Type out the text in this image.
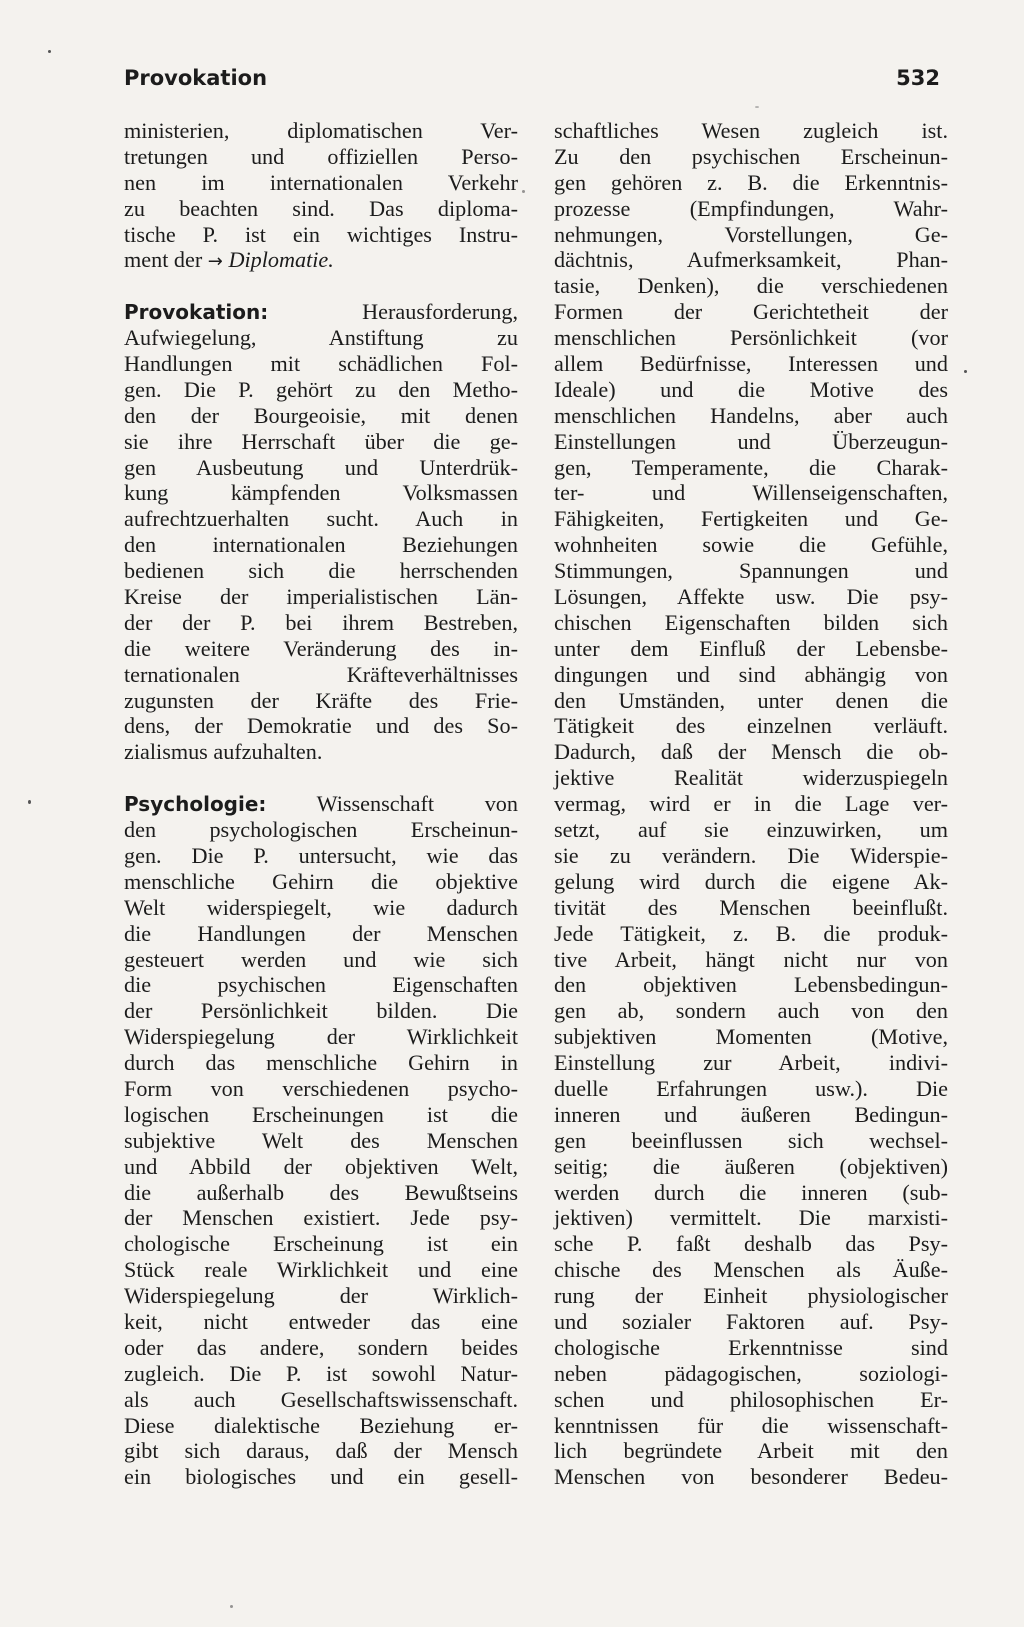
Provokation	532
ministerien, diplomatischen Ver-
tretungen und offiziellen Perso-
nen im internationalen Verkehr
zu beachten sind. Das diploma-
tische P. ist ein wichtiges Instru-
ment der → Diplomatie.
Provokation:	Herausforderung,
Aufwiegelung, Anstiftung zu
Handlungen mit schädlichen Fol-
gen. Die P. gehört zu den Metho-
den der Bourgeoisie, mit denen
sie ihre Herrschaft über die ge-
gen Ausbeutung und Unterdrük-
kung kämpfenden Volksmassen
aufrechtzuerhalten sucht. Auch in
den internationalen Beziehungen
bedienen sich die herrschenden
Kreise der imperialistischen Län-
der der P. bei ihrem Bestreben,
die weitere Veränderung des in-
ternationalen Kräfteverhältnisses
zugunsten der Kräfte des Frie-
dens, der Demokratie und des So-
zialismus aufzuhalten.
Psychologie: Wissenschaft von
den psychologischen Erscheinun-
gen. Die P. untersucht, wie das
menschliche Gehirn die objektive
Welt widerspiegelt, wie dadurch
die Handlungen der Menschen
gesteuert werden und wie sich
die psychischen Eigenschaften
der Persönlichkeit bilden. Die
Widerspiegelung der Wirklichkeit
durch das menschliche Gehirn in
Form von verschiedenen psycho-
logischen Erscheinungen ist die
subjektive Welt des Menschen
und Abbild der objektiven Welt,
die außerhalb des Bewußtseins
der Menschen existiert. Jede psy-
chologische Erscheinung ist ein
Stück reale Wirklichkeit und eine
Widerspiegelung der Wirklich-
keit, nicht entweder das eine
oder das andere, sondern beides
zugleich. Die P. ist sowohl Natur-
als auch Gesellschaftswissenschaft.
Diese dialektische Beziehung er-
gibt sich daraus, daß der Mensch
ein biologisches und ein gesell-
schaftliches Wesen zugleich ist.
Zu den psychischen Erscheinun-
gen gehören z. B. die Erkenntnis-
prozesse (Empfindungen, Wahr-
nehmungen, Vorstellungen, Ge-
dächtnis, Aufmerksamkeit, Phan-
tasie, Denken), die verschiedenen
Formen der Gerichtetheit der
menschlichen Persönlichkeit (vor
allem Bedürfnisse, Interessen und
Ideale) und die Motive des
menschlichen Handelns, aber auch
Einstellungen und Überzeugun-
gen, Temperamente, die Charak-
ter- und Willenseigenschaften,
Fähigkeiten, Fertigkeiten und Ge-
wohnheiten sowie die Gefühle,
Stimmungen, Spannungen und
Lösungen, Affekte usw. Die psy-
chischen Eigenschaften bilden sich
unter dem Einfluß der Lebensbe-
dingungen und sind abhängig von
den Umständen, unter denen die
Tätigkeit des einzelnen verläuft.
Dadurch, daß der Mensch die ob-
jektive Realität widerzuspiegeln
vermag, wird er in die Lage ver-
setzt, auf sie einzuwirken, um
sie zu verändern. Die Widerspie-
gelung wird durch die eigene Ak-
tivität des Menschen beeinflußt.
Jede Tätigkeit, z. B. die produk-
tive Arbeit, hängt nicht nur von
den objektiven Lebensbedingun-
gen ab, sondern auch von den
subjektiven Momenten (Motive,
Einstellung zur Arbeit, indivi-
duelle Erfahrungen usw.). Die
inneren und äußeren Bedingun-
gen beeinflussen sich wechsel-
seitig; die äußeren (objektiven)
werden durch die inneren (sub-
jektiven) vermittelt. Die marxisti-
sche P. faßt deshalb das Psy-
chische des Menschen als Äuße-
rung der Einheit physiologischer
und sozialer Faktoren auf. Psy-
chologische Erkenntnisse sind
neben pädagogischen, soziologi-
schen und philosophischen Er-
kenntnissen für die wissenschaft-
lich begründete Arbeit mit den
Menschen von besonderer Bedeu-
